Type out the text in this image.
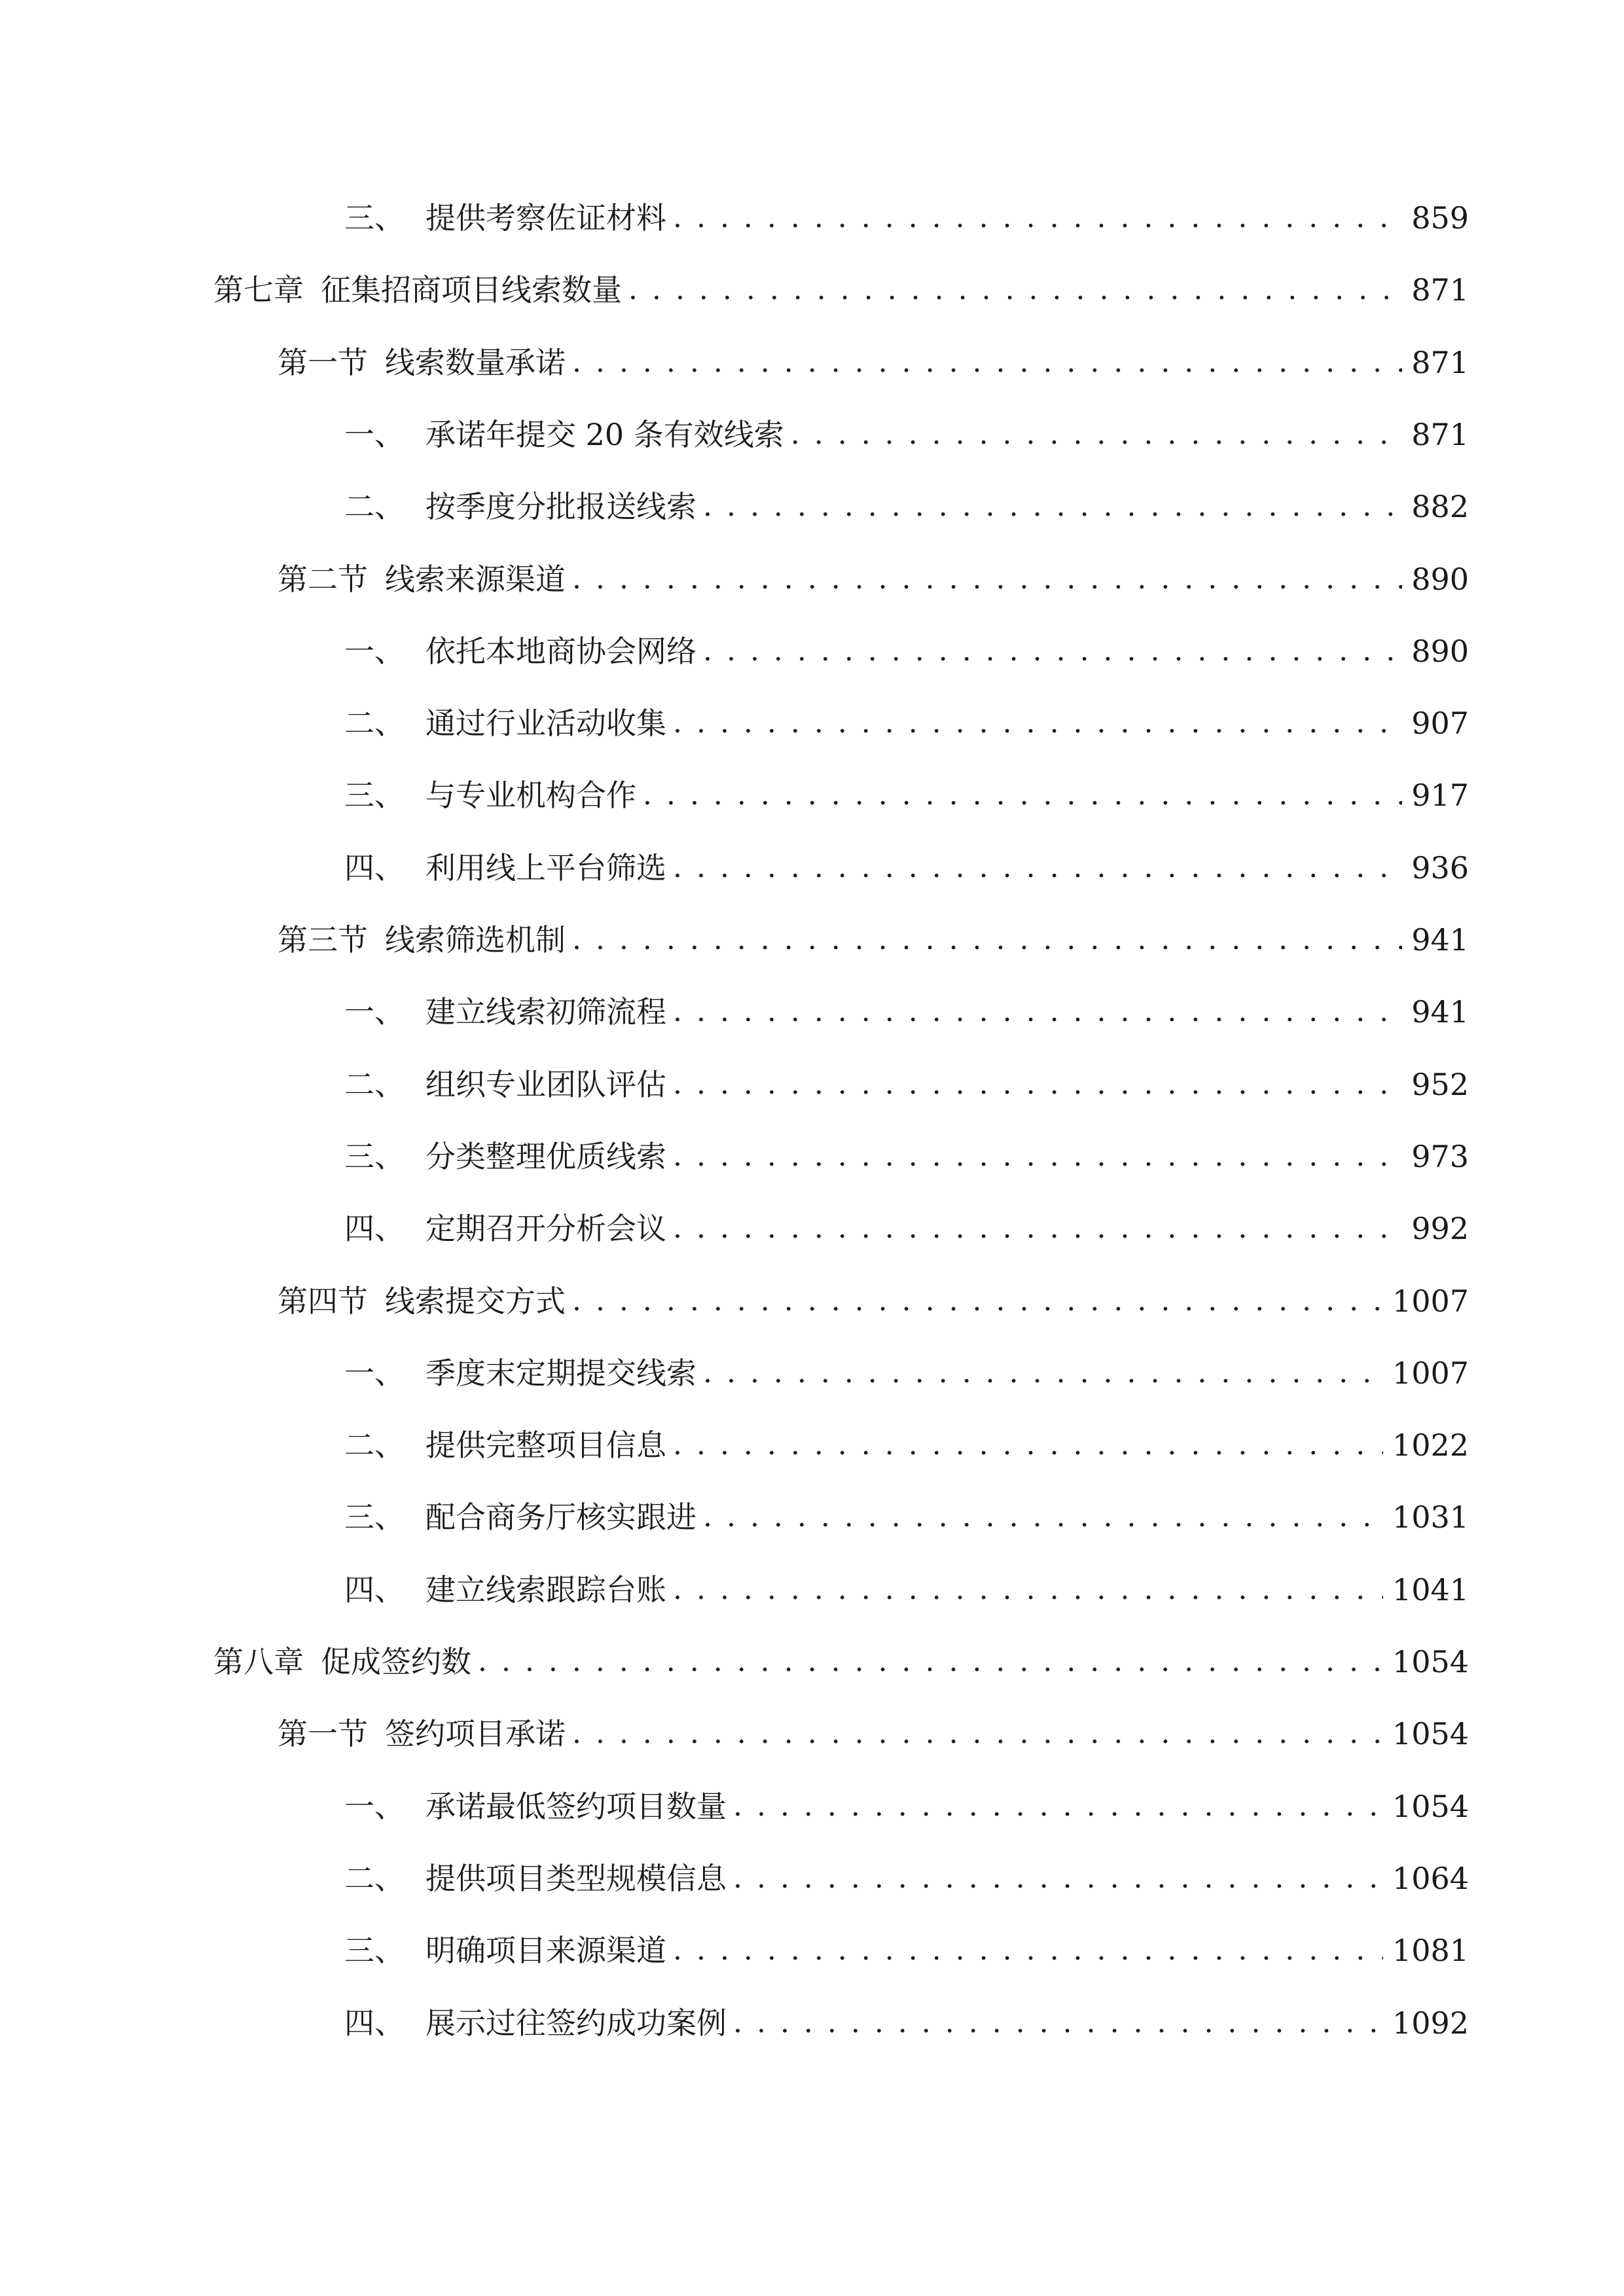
三、 提供考察佐证材料 . . .	859
第七章 征集招商项目线索数量 . . .	871
第一节 线索数量承诺 . . .	871
一、 承诺年提交 20 条有效线索 . . .	871
二、 按季度分批报送线索 . . .	882
第二节 线索来源渠道 . . .	890
一、 依托本地商协会网络 . . .	890
二、 通过行业活动收集 . . .	907
三、 与专业机构合作 . . .	917
四、 利用线上平台筛选 . . .	936
第三节 线索筛选机制 . . .	941
一、 建立线索初筛流程 . . .	941
二、 组织专业团队评估 . . .	952
三、 分类整理优质线索 . . .	973
四、 定期召开分析会议 . . .	992
第四节 线索提交方式 . . .	1007
一、 季度末定期提交线索 . . .	1007
二、 提供完整项目信息 . . .	1022
三、 配合商务厅核实跟进 . . .	1031
四、 建立线索跟踪台账 . . .	1041
第八章 促成签约数 . . .	1054
第一节 签约项目承诺 . . .	1054
一、 承诺最低签约项目数量 . . .	1054
二、 提供项目类型规模信息 . . .	1064
三、 明确项目来源渠道 . . .	1081
四、 展示过往签约成功案例 . . .	1092
